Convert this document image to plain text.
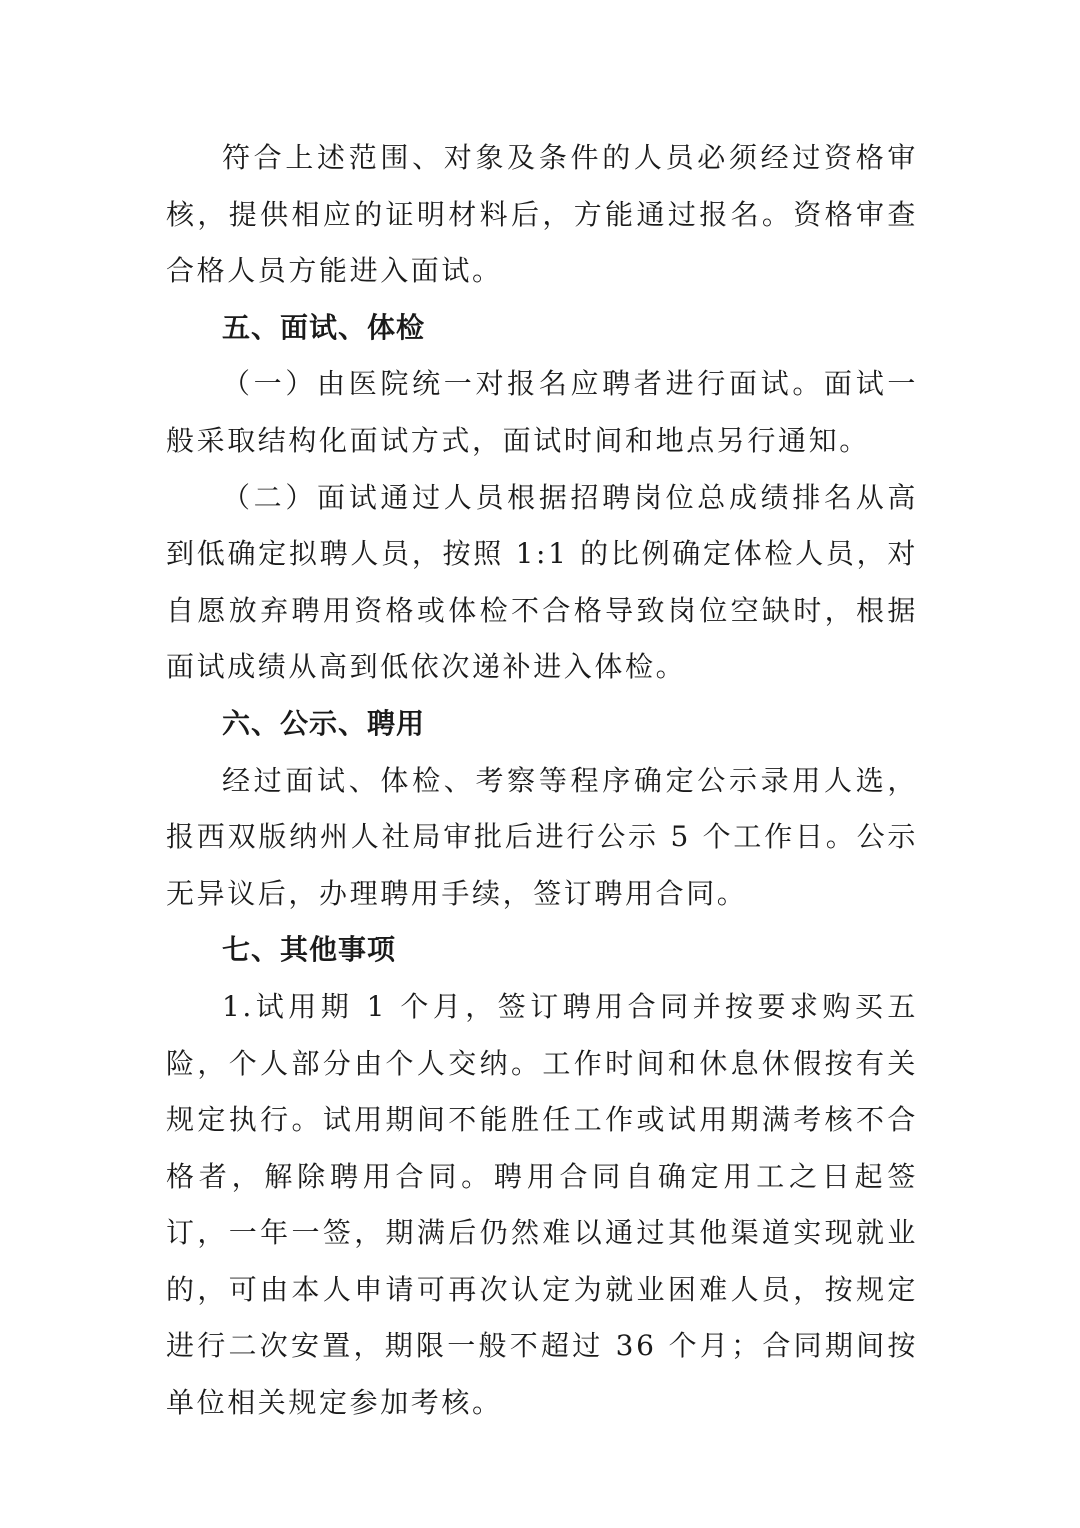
符合上述范围、对象及条件的人员必须经过资格审核，提供相应的证明材料后，方能通过报名。资格审查合格人员方能进入面试。

五、面试、体检

（一）由医院统一对报名应聘者进行面试。面试一般采取结构化面试方式，面试时间和地点另行通知。

（二）面试通过人员根据招聘岗位总成绩排名从高到低确定拟聘人员，按照 1:1 的比例确定体检人员，对自愿放弃聘用资格或体检不合格导致岗位空缺时，根据面试成绩从高到低依次递补进入体检。

六、公示、聘用

经过面试、体检、考察等程序确定公示录用人选，报西双版纳州人社局审批后进行公示 5 个工作日。公示无异议后，办理聘用手续，签订聘用合同。

七、其他事项

1.试用期 1 个月，签订聘用合同并按要求购买五险，个人部分由个人交纳。工作时间和休息休假按有关规定执行。试用期间不能胜任工作或试用期满考核不合格者，解除聘用合同。聘用合同自确定用工之日起签订，一年一签，期满后仍然难以通过其他渠道实现就业的，可由本人申请可再次认定为就业困难人员，按规定进行二次安置，期限一般不超过 36 个月；合同期间按单位相关规定参加考核。
